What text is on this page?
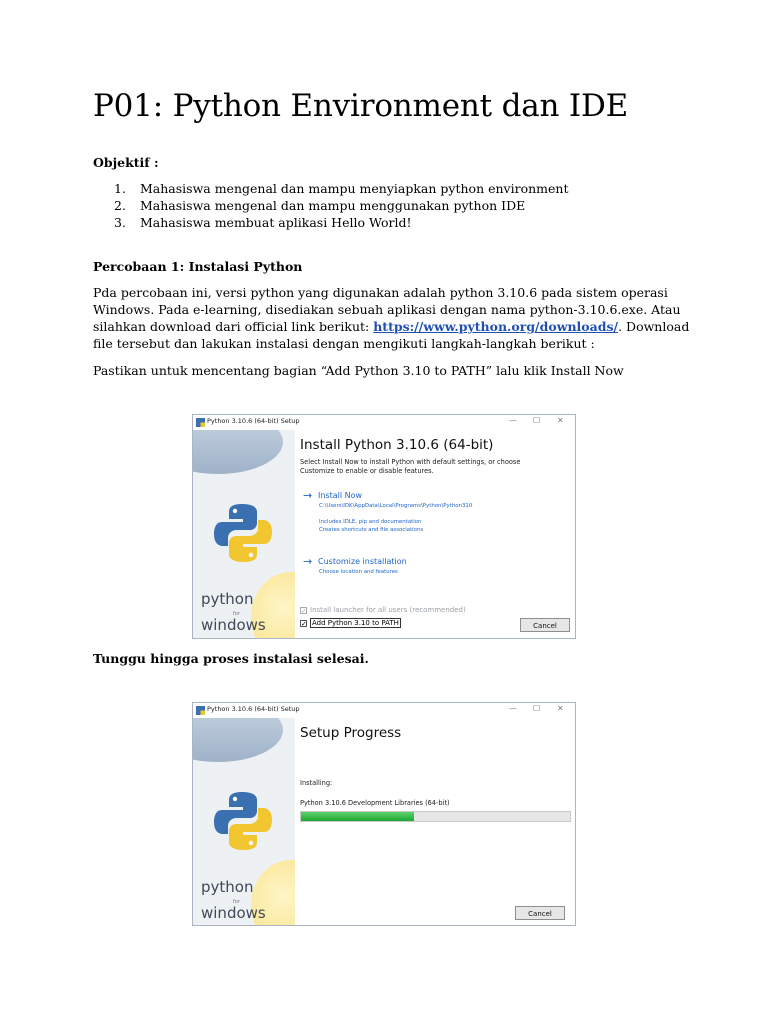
P01: Python Environment dan IDE
Objektif :
1. Mahasiswa mengenal dan mampu menyiapkan python environment
2. Mahasiswa mengenal dan mampu menggunakan python IDE
3. Mahasiswa membuat aplikasi Hello World!
Percobaan 1: Instalasi Python

Pda percobaan ini, versi python yang digunakan adalah python 3.10.6 pada sistem operasi

Windows. Pada e-learning, disediakan sebuah aplikasi dengan nama python-3.10.6.exe. Atau

silahkan download dari official link berikut: https://www.python.org/downloads/. Download

file tersebut dan lakukan instalasi dengan mengikuti langkah-langkah berikut :

Pastikan untuk mencentang bagian “Add Python 3.10 to PATH” lalu klik Install Now
Python 3.10.6 (64-bit) Setup	— ☐ ✕
python
for
windows
Install Python 3.10.6 (64-bit)
Select Install Now to install Python with default settings, or choose
Customize to enable or disable features.
→ Install Now
C:\Users\IDK\AppData\Local\Programs\Python\Python310
Includes IDLE, pip and documentation
Creates shortcuts and file associations
→ Customize installation
Choose location and features
✓ Install launcher for all users (recommended)
✓ Add Python 3.10 to PATH	Cancel
Tunggu hingga proses instalasi selesai.
Python 3.10.6 (64-bit) Setup	— ☐ ✕
python
for
windows
Setup Progress
Installing:
Python 3.10.6 Development Libraries (64-bit)
Cancel
